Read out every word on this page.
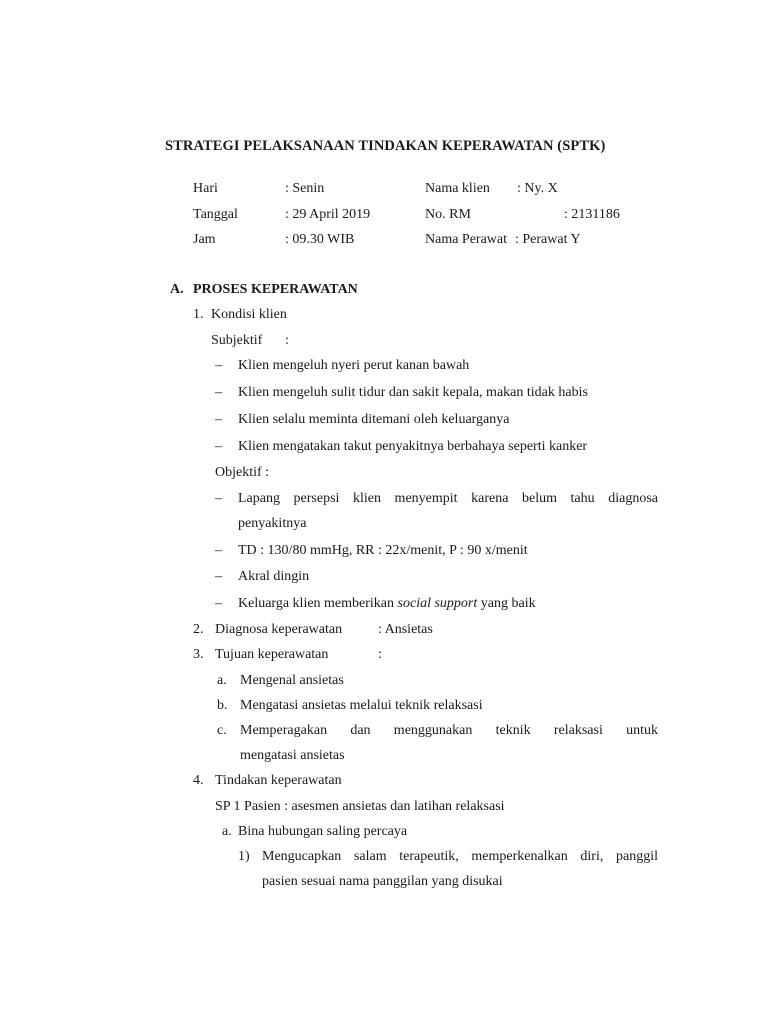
STRATEGI PELAKSANAAN TINDAKAN KEPERAWATAN (SPTK)
Hari	: Senin	Nama klien : Ny. X
Tanggal	: 29 April 2019	No. RM	: 2131186
Jam	: 09.30 WIB	Nama Perawat : Perawat Y
A. PROSES KEPERAWATAN
1. Kondisi klien
Subjektif :
– Klien mengeluh nyeri perut kanan bawah
– Klien mengeluh sulit tidur dan sakit kepala, makan tidak habis
– Klien selalu meminta ditemani oleh keluarganya
– Klien mengatakan takut penyakitnya berbahaya seperti kanker
Objektif :
– Lapang persepsi klien menyempit karena belum tahu diagnosa
penyakitnya
– TD : 130/80 mmHg, RR : 22x/menit, P : 90 x/menit
– Akral dingin
– Keluarga klien memberikan social support yang baik
2. Diagnosa keperawatan	: Ansietas
3. Tujuan keperawatan	:
a. Mengenal ansietas
b. Mengatasi ansietas melalui teknik relaksasi
c. Memperagakan dan menggunakan teknik relaksasi untuk
mengatasi ansietas
4. Tindakan keperawatan
SP 1 Pasien : asesmen ansietas dan latihan relaksasi
a. Bina hubungan saling percaya
1) Mengucapkan salam terapeutik, memperkenalkan diri, panggil
pasien sesuai nama panggilan yang disukai
